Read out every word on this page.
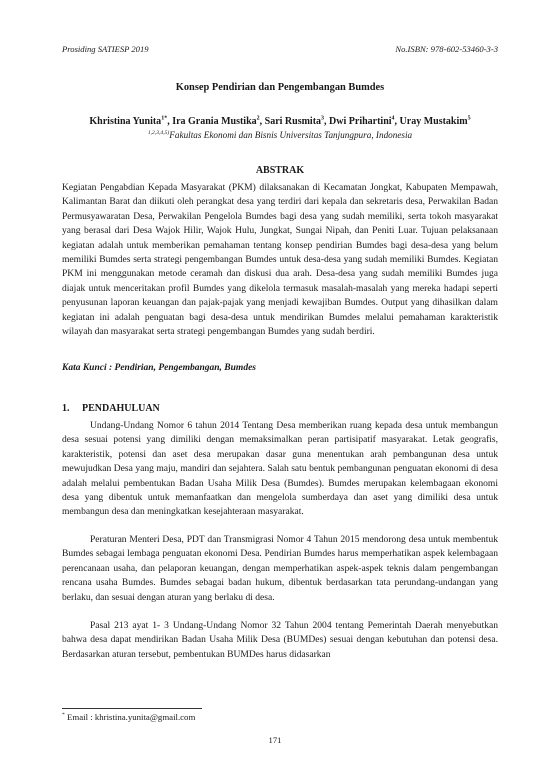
Prosiding SATIESP 2019	No.ISBN: 978-602-53460-3-3
Konsep Pendirian dan Pengembangan Bumdes
Khristina Yunita$^{1*}$, Ira Grania Mustika$^2$, Sari Rusmita$^3$, Dwi Prihartini$^4$, Uray Mustakim$^5$
$^{1,2,3,4,5)}$Fakultas Ekonomi dan Bisnis Universitas Tanjungpura, Indonesia
ABSTRAK

Kegiatan Pengabdian Kepada Masyarakat (PKM) dilaksanakan di Kecamatan Jongkat, Kabupaten Mempawah, Kalimantan Barat dan diikuti oleh perangkat desa yang terdiri dari kepala dan sekretaris desa, Perwakilan Badan Permusyawaratan Desa, Perwakilan Pengelola Bumdes bagi desa yang sudah memiliki, serta tokoh masyarakat yang berasal dari Desa Wajok Hilir, Wajok Hulu, Jungkat, Sungai Nipah, dan Peniti Luar. Tujuan pelaksanaan kegiatan adalah untuk memberikan pemahaman tentang konsep pendirian Bumdes bagi desa-desa yang belum memiliki Bumdes serta strategi pengembangan Bumdes untuk desa-desa yang sudah memiliki Bumdes. Kegiatan PKM ini menggunakan metode ceramah dan diskusi dua arah. Desa-desa yang sudah memiliki Bumdes juga diajak untuk menceritakan profil Bumdes yang dikelola termasuk masalah-masalah yang mereka hadapi seperti penyusunan laporan keuangan dan pajak-pajak yang menjadi kewajiban Bumdes. Output yang dihasilkan dalam kegiatan ini adalah penguatan bagi desa-desa untuk mendirikan Bumdes melalui pemahaman karakteristik wilayah dan masyarakat serta strategi pengembangan Bumdes yang sudah berdiri.

Kata Kunci : Pendirian, Pengembangan, Bumdes
1. PENDAHULUAN

Undang-Undang Nomor 6 tahun 2014 Tentang Desa memberikan ruang kepada desa untuk membangun desa sesuai potensi yang dimiliki dengan memaksimalkan peran partisipatif masyarakat. Letak geografis, karakteristik, potensi dan aset desa merupakan dasar guna menentukan arah pembangunan desa untuk mewujudkan Desa yang maju, mandiri dan sejahtera. Salah satu bentuk pembangunan penguatan ekonomi di desa adalah melalui pembentukan Badan Usaha Milik Desa (Bumdes). Bumdes merupakan kelembagaan ekonomi desa yang dibentuk untuk memanfaatkan dan mengelola sumberdaya dan aset yang dimiliki desa untuk membangun desa dan meningkatkan kesejahteraan masyarakat.

Peraturan Menteri Desa, PDT dan Transmigrasi Nomor 4 Tahun 2015 mendorong desa untuk membentuk Bumdes sebagai lembaga penguatan ekonomi Desa. Pendirian Bumdes harus memperhatikan aspek kelembagaan perencanaan usaha, dan pelaporan keuangan, dengan memperhatikan aspek-aspek teknis dalam pengembangan rencana usaha Bumdes. Bumdes sebagai badan hukum, dibentuk berdasarkan tata perundang-undangan yang berlaku, dan sesuai dengan aturan yang berlaku di desa.

Pasal 213 ayat 1- 3 Undang-Undang Nomor 32 Tahun 2004 tentang Pemerintah Daerah menyebutkan bahwa desa dapat mendirikan Badan Usaha Milik Desa (BUMDes) sesuai dengan kebutuhan dan potensi desa. Berdasarkan aturan tersebut, pembentukan BUMDes harus didasarkan

* Email : khristina.yunita@gmail.com
171
